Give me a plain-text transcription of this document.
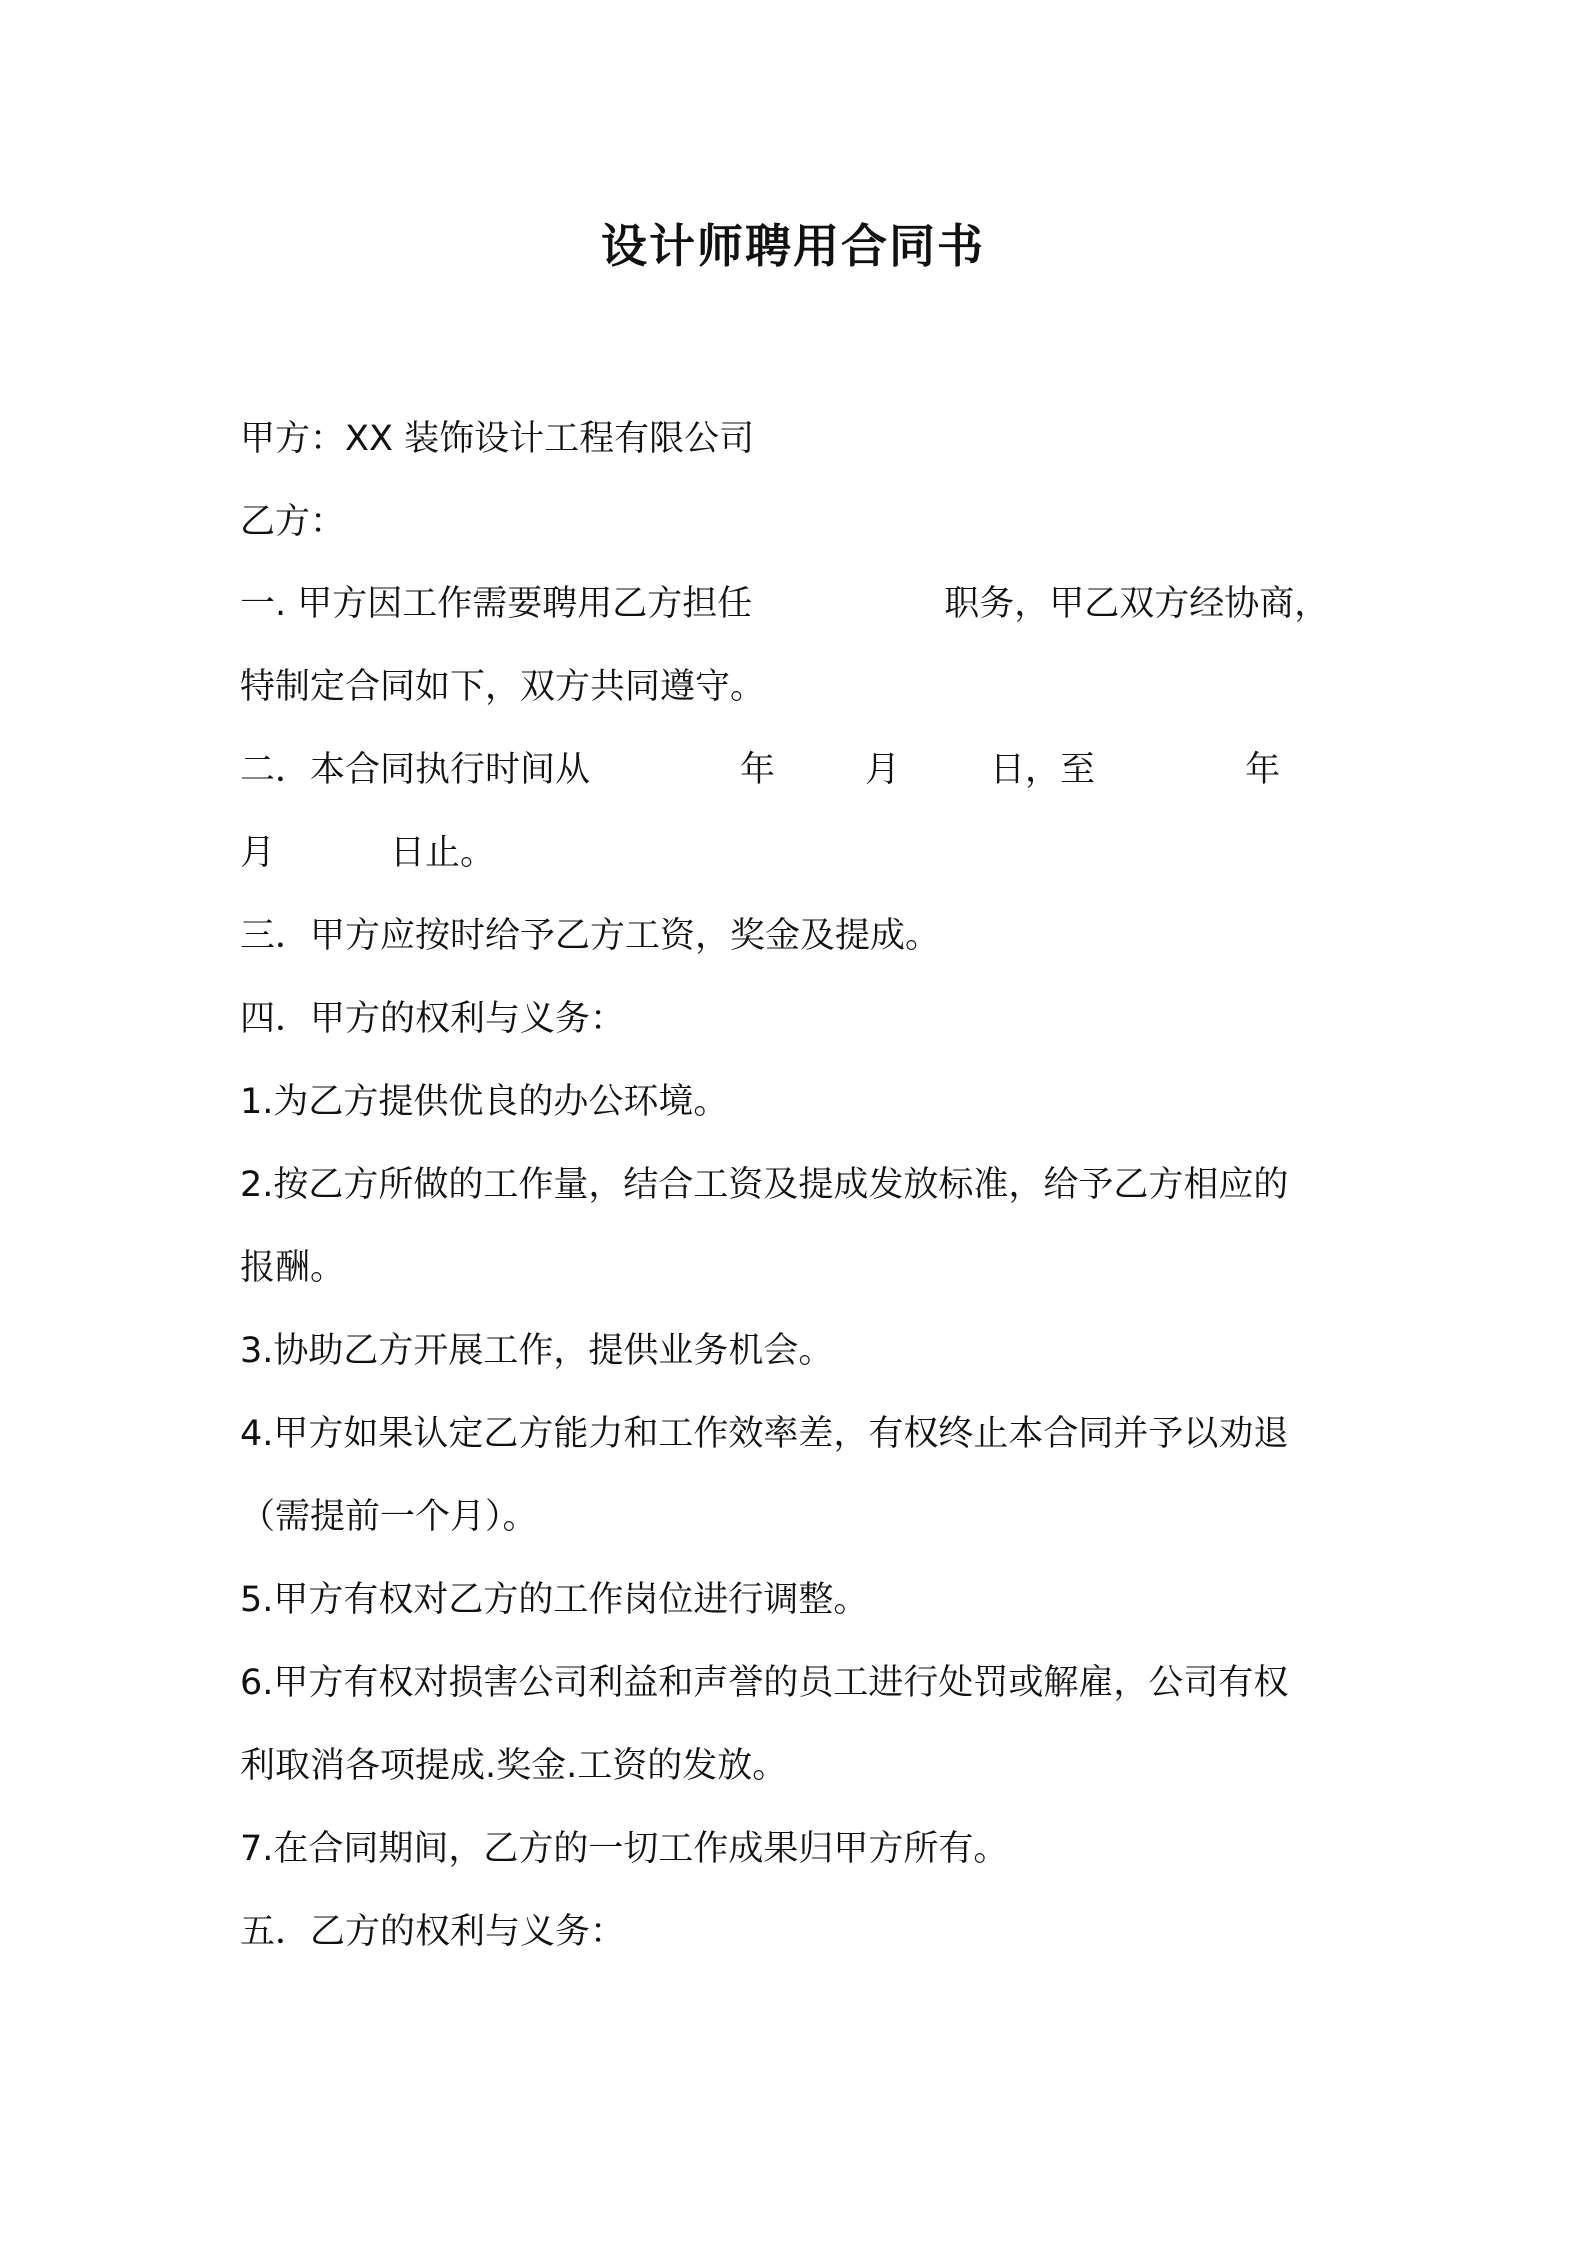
设计师聘用合同书
甲方：XX 装饰设计工程有限公司
乙方：
一. 甲方因工作需要聘用乙方担任	职务，甲乙双方经协商，
特制定合同如下，双方共同遵守。
二．本合同执行时间从	年	月	日，至	年
月	日止。
三．甲方应按时给予乙方工资，奖金及提成。
四．甲方的权利与义务：
1.为乙方提供优良的办公环境。
2.按乙方所做的工作量，结合工资及提成发放标准，给予乙方相应的
报酬。
3.协助乙方开展工作，提供业务机会。
4.甲方如果认定乙方能力和工作效率差，有权终止本合同并予以劝退
（需提前一个月）。
5.甲方有权对乙方的工作岗位进行调整。
6.甲方有权对损害公司利益和声誉的员工进行处罚或解雇，公司有权
利取消各项提成.奖金.工资的发放。
7.在合同期间，乙方的一切工作成果归甲方所有。
五．乙方的权利与义务：
